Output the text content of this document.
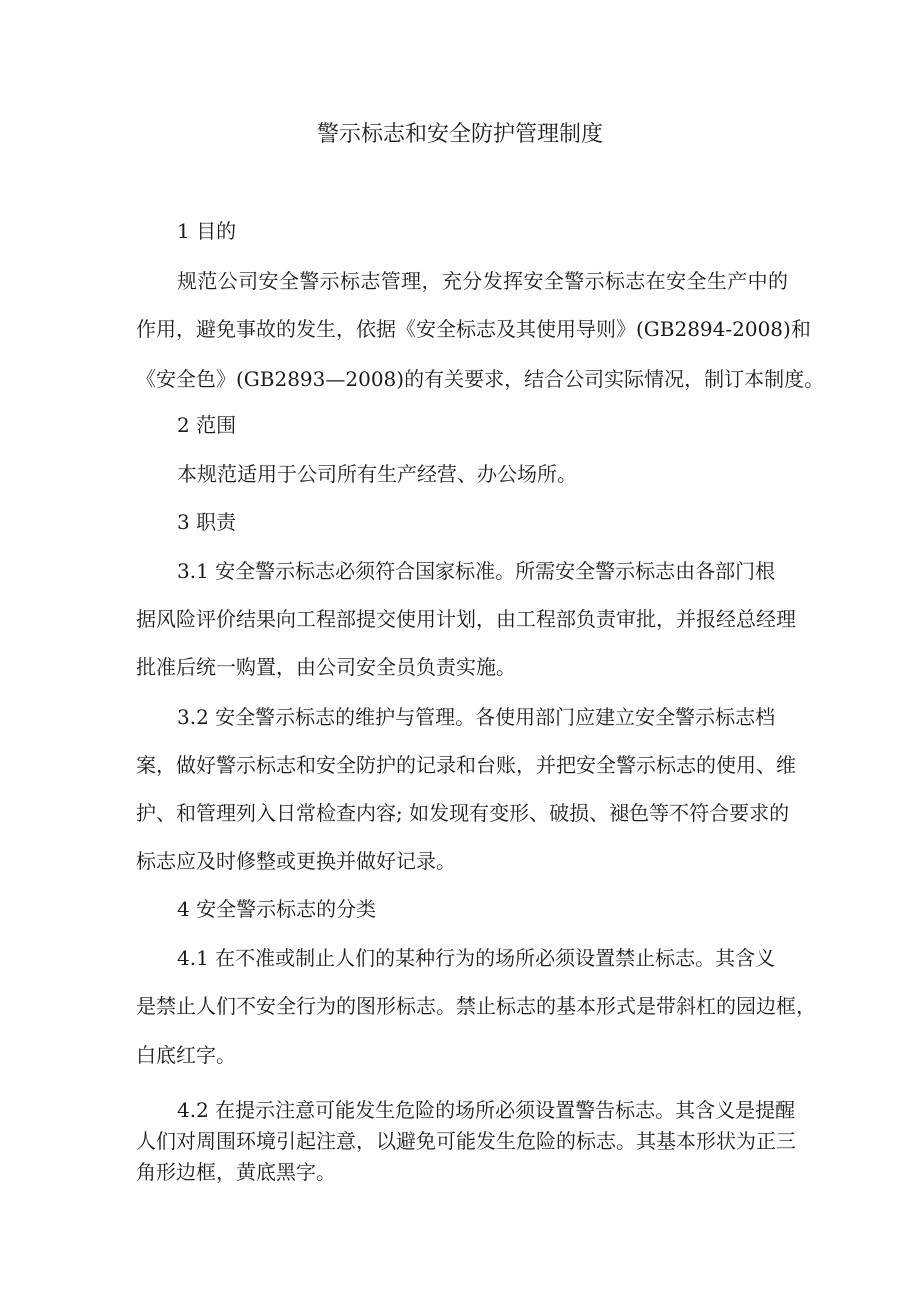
警示标志和安全防护管理制度
1 目的
规范公司安全警示标志管理，充分发挥安全警示标志在安全生产中的
作用，避免事故的发生，依据《安全标志及其使用导则》(GB2894-2008)和
《安全色》(GB2893—2008)的有关要求，结合公司实际情况，制订本制度。
2 范围
本规范适用于公司所有生产经营、办公场所。
3 职责
3.1 安全警示标志必须符合国家标准。所需安全警示标志由各部门根
据风险评价结果向工程部提交使用计划，由工程部负责审批，并报经总经理
批准后统一购置，由公司安全员负责实施。
3.2 安全警示标志的维护与管理。各使用部门应建立安全警示标志档
案，做好警示标志和安全防护的记录和台账，并把安全警示标志的使用、维
护、和管理列入日常检查内容; 如发现有变形、破损、褪色等不符合要求的
标志应及时修整或更换并做好记录。
4 安全警示标志的分类
4.1 在不准或制止人们的某种行为的场所必须设置禁止标志。其含义
是禁止人们不安全行为的图形标志。禁止标志的基本形式是带斜杠的园边框，
白底红字。
4.2 在提示注意可能发生危险的场所必须设置警告标志。其含义是提醒
人们对周围环境引起注意，以避免可能发生危险的标志。其基本形状为正三
角形边框，黄底黑字。
